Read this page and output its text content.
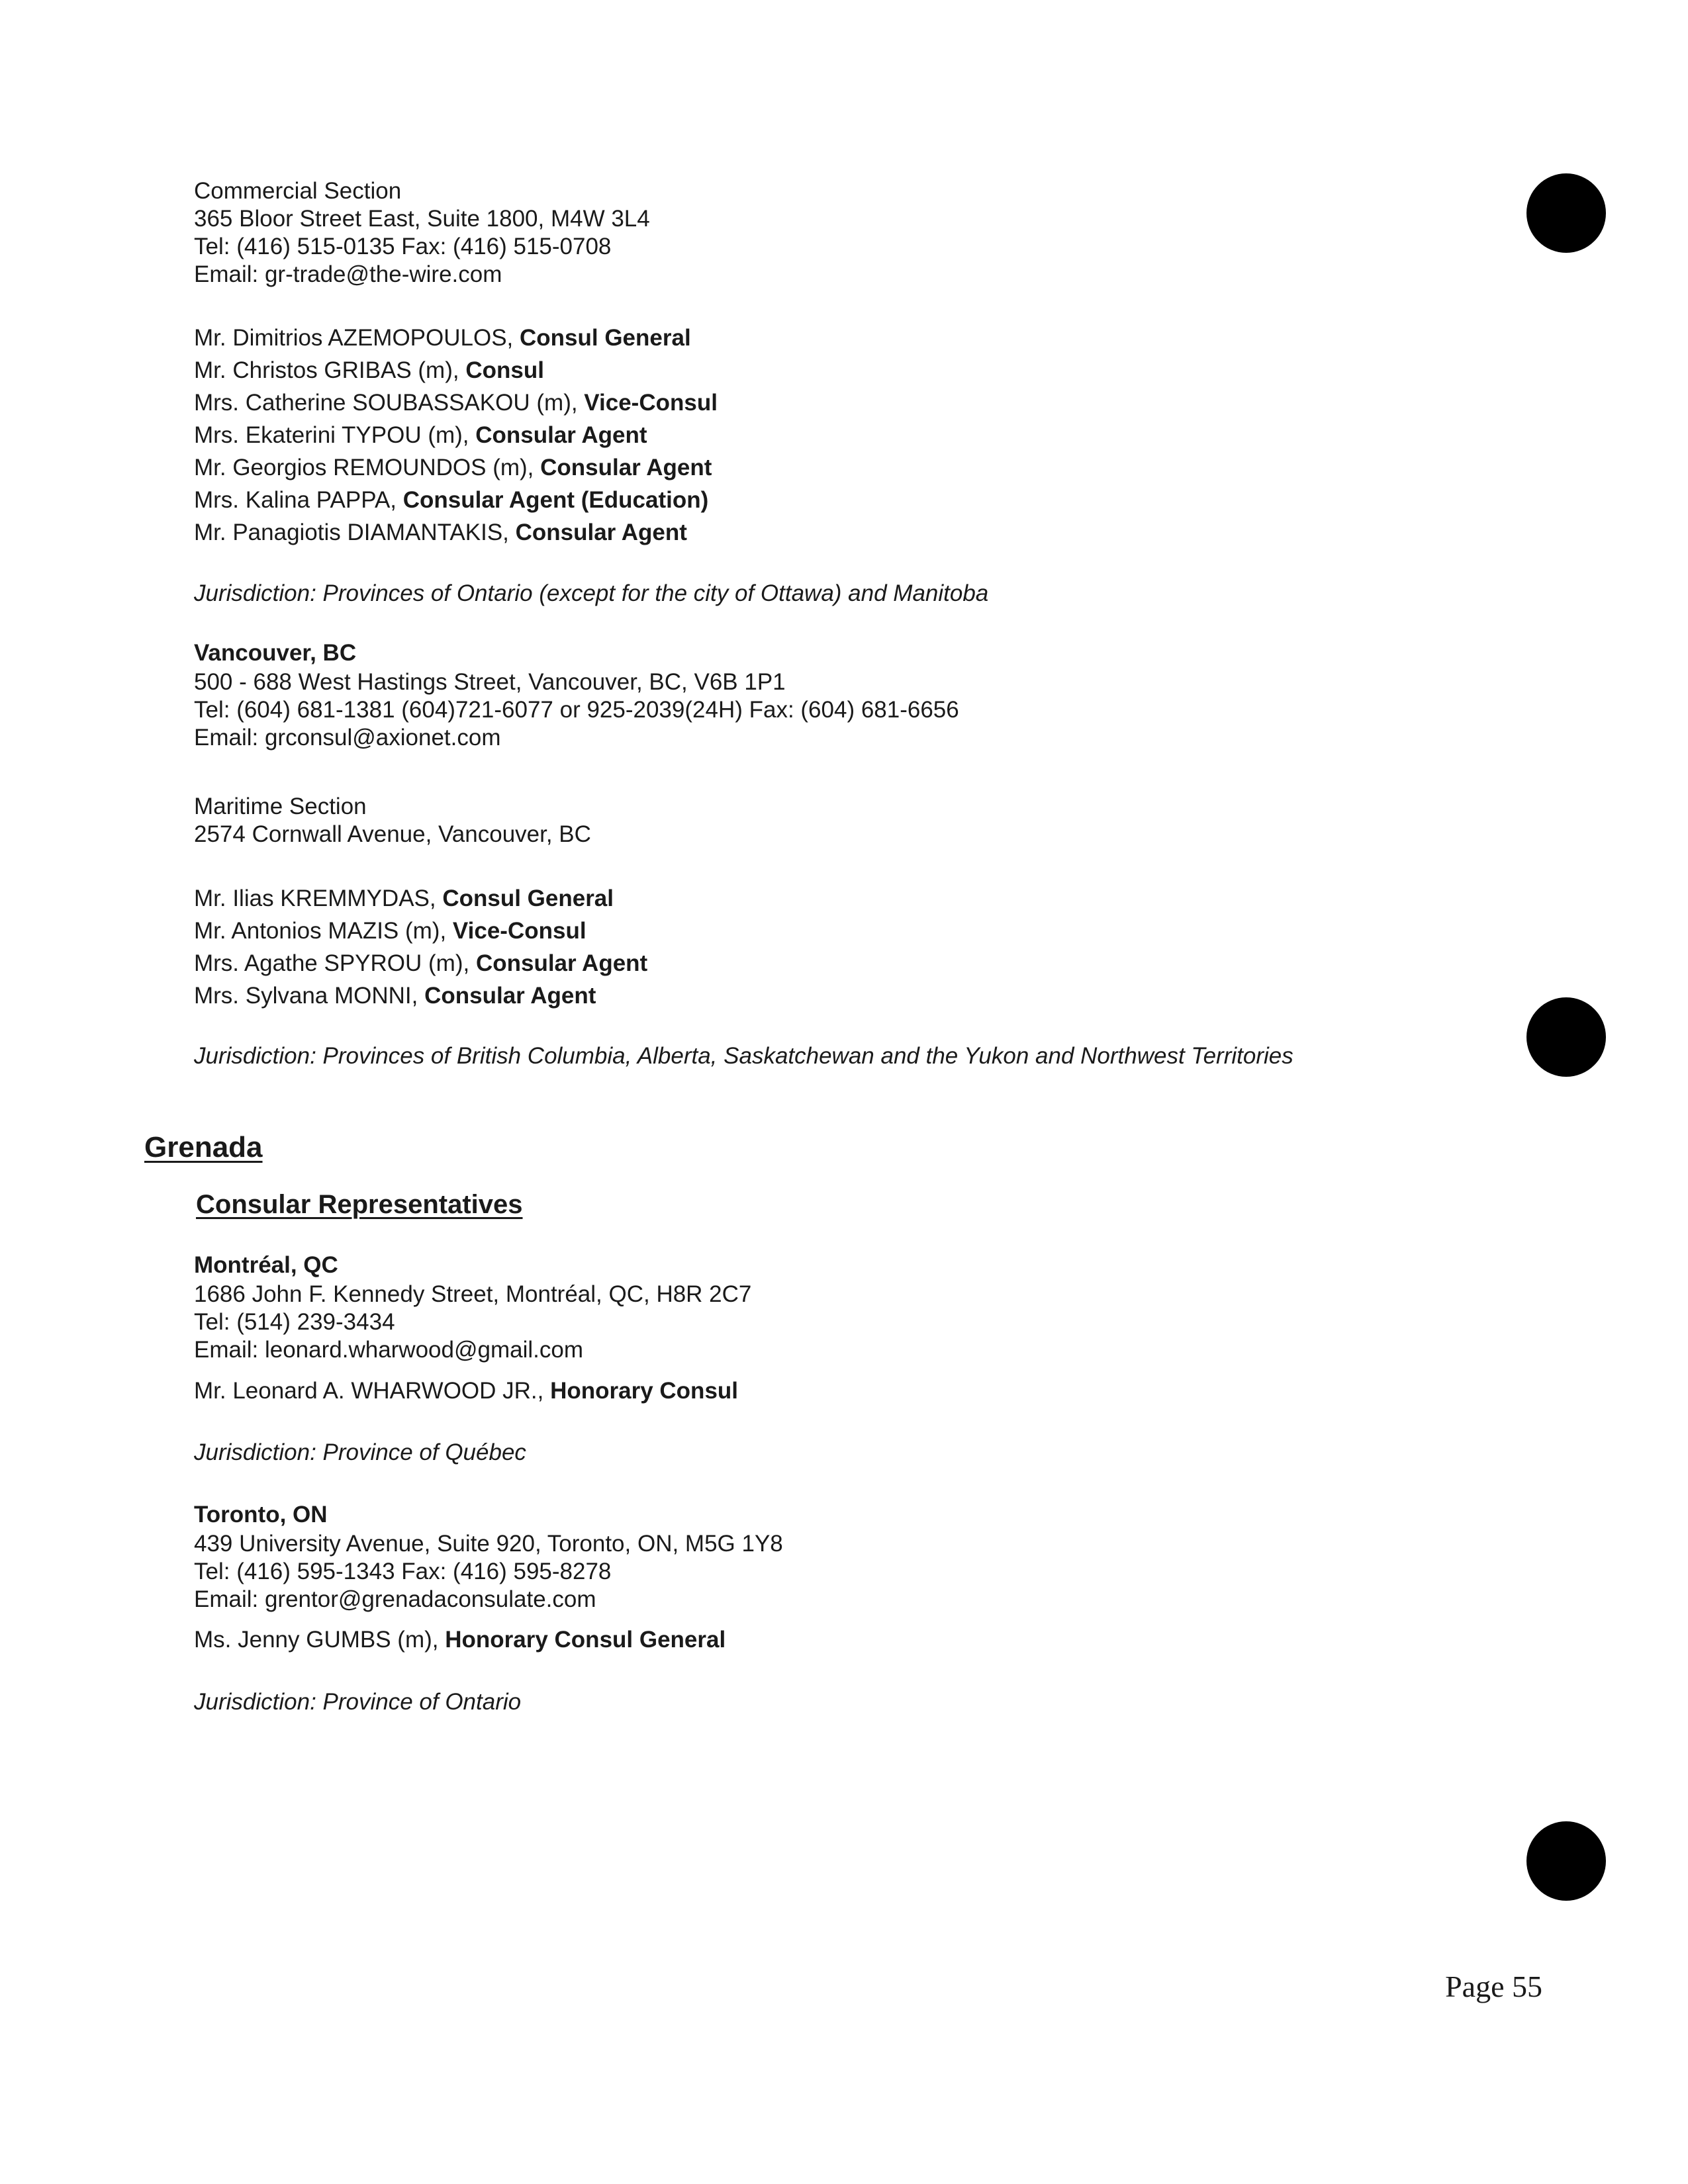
Commercial Section
365 Bloor Street East, Suite 1800, M4W 3L4
Tel: (416) 515-0135 Fax: (416) 515-0708
Email: gr-trade@the-wire.com
Mr. Dimitrios AZEMOPOULOS, Consul General
Mr. Christos GRIBAS (m), Consul
Mrs. Catherine SOUBASSAKOU (m), Vice-Consul
Mrs. Ekaterini TYPOU (m), Consular Agent
Mr. Georgios REMOUNDOS (m), Consular Agent
Mrs. Kalina PAPPA, Consular Agent (Education)
Mr. Panagiotis DIAMANTAKIS, Consular Agent
Jurisdiction: Provinces of Ontario (except for the city of Ottawa) and Manitoba
Vancouver, BC
500 - 688 West Hastings Street, Vancouver, BC, V6B 1P1
Tel: (604) 681-1381 (604)721-6077 or 925-2039(24H) Fax: (604) 681-6656
Email: grconsul@axionet.com
Maritime Section
2574 Cornwall Avenue, Vancouver, BC
Mr. Ilias KREMMYDAS, Consul General
Mr. Antonios MAZIS (m), Vice-Consul
Mrs. Agathe SPYROU (m), Consular Agent
Mrs. Sylvana MONNI, Consular Agent
Jurisdiction: Provinces of British Columbia, Alberta, Saskatchewan and the Yukon and Northwest Territories
Grenada
Consular Representatives
Montréal, QC
1686 John F. Kennedy Street, Montréal, QC, H8R 2C7
Tel: (514) 239-3434
Email: leonard.wharwood@gmail.com
Mr. Leonard A. WHARWOOD JR., Honorary Consul
Jurisdiction: Province of Québec
Toronto, ON
439 University Avenue, Suite 920, Toronto, ON, M5G 1Y8
Tel: (416) 595-1343 Fax: (416) 595-8278
Email: grentor@grenadaconsulate.com
Ms. Jenny GUMBS (m), Honorary Consul General
Jurisdiction: Province of Ontario
Page 55
